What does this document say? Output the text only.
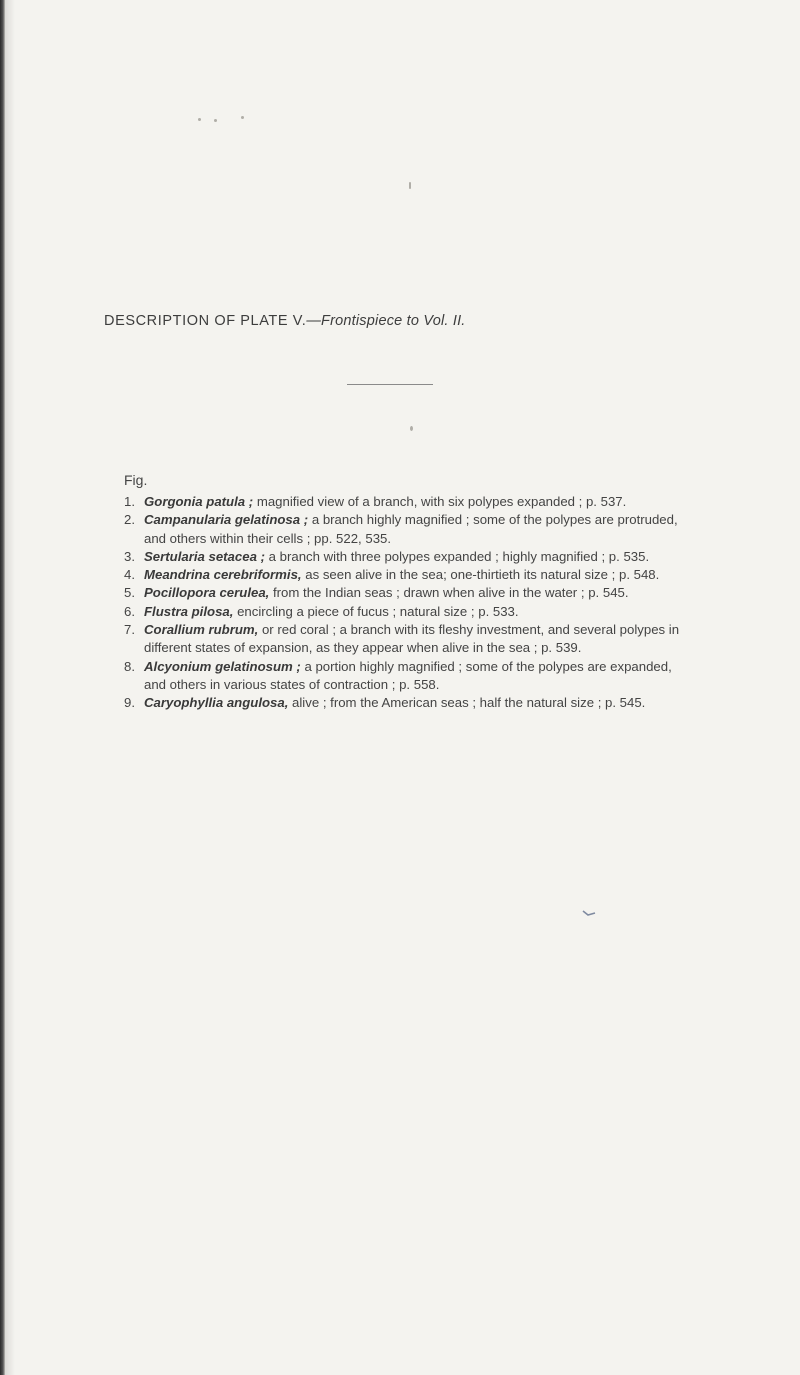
DESCRIPTION OF PLATE V.—Frontispiece to Vol. II.
Fig.
1. Gorgonia patula ; magnified view of a branch, with six polypes expanded ; p. 537.
2. Campanularia gelatinosa ; a branch highly magnified ; some of the polypes are protruded, and others within their cells ; pp. 522, 535.
3. Sertularia setacea ; a branch with three polypes expanded ; highly magnified ; p. 535.
4. Meandrina cerebriformis, as seen alive in the sea; one-thirtieth its natural size ; p. 548.
5. Pocillopora cerulea, from the Indian seas ; drawn when alive in the water ; p. 545.
6. Flustra pilosa, encircling a piece of fucus ; natural size ; p. 533.
7. Corallium rubrum, or red coral ; a branch with its fleshy investment, and several polypes in different states of expansion, as they appear when alive in the sea ; p. 539.
8. Alcyonium gelatinosum ; a portion highly magnified ; some of the polypes are expanded, and others in various states of contraction ; p. 558.
9. Caryophyllia angulosa, alive ; from the American seas ; half the natural size ; p. 545.
